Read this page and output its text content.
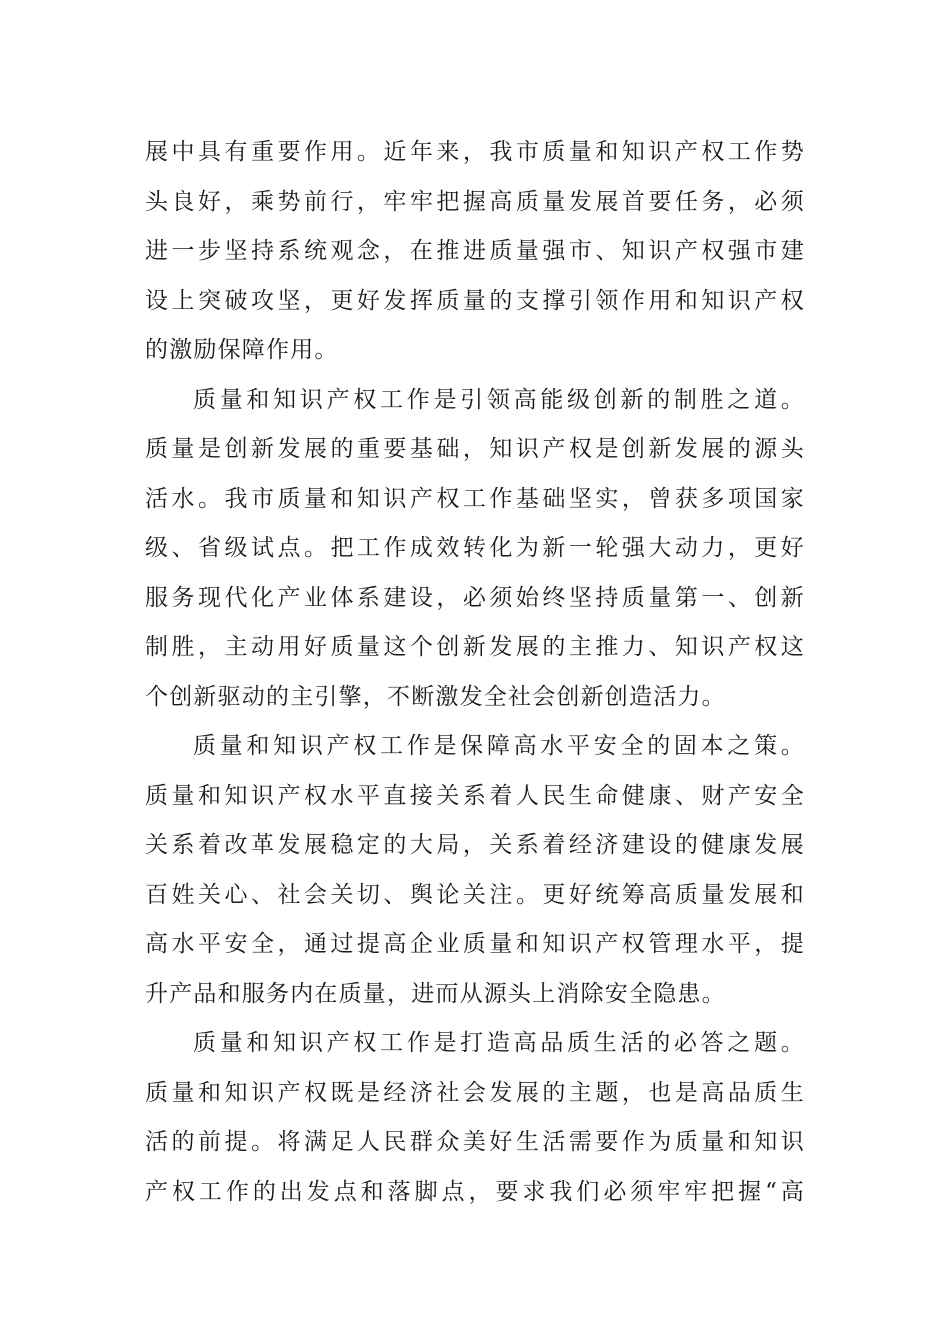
展中具有重要作用。近年来，我市质量和知识产权工作势
头良好，乘势前行，牢牢把握高质量发展首要任务，必须
进一步坚持系统观念，在推进质量强市、知识产权强市建
设上突破攻坚，更好发挥质量的支撑引领作用和知识产权
的激励保障作用。
质量和知识产权工作是引领高能级创新的制胜之道。
质量是创新发展的重要基础，知识产权是创新发展的源头
活水。我市质量和知识产权工作基础坚实，曾获多项国家
级、省级试点。把工作成效转化为新一轮强大动力，更好
服务现代化产业体系建设，必须始终坚持质量第一、创新
制胜，主动用好质量这个创新发展的主推力、知识产权这
个创新驱动的主引擎，不断激发全社会创新创造活力。
质量和知识产权工作是保障高水平安全的固本之策。
质量和知识产权水平直接关系着人民生命健康、财产安全
关系着改革发展稳定的大局，关系着经济建设的健康发展
百姓关心、社会关切、舆论关注。更好统筹高质量发展和
高水平安全，通过提高企业质量和知识产权管理水平，提
升产品和服务内在质量，进而从源头上消除安全隐患。
质量和知识产权工作是打造高品质生活的必答之题。
质量和知识产权既是经济社会发展的主题，也是高品质生
活的前提。将满足人民群众美好生活需要作为质量和知识
产权工作的出发点和落脚点，要求我们必须牢牢把握“高
